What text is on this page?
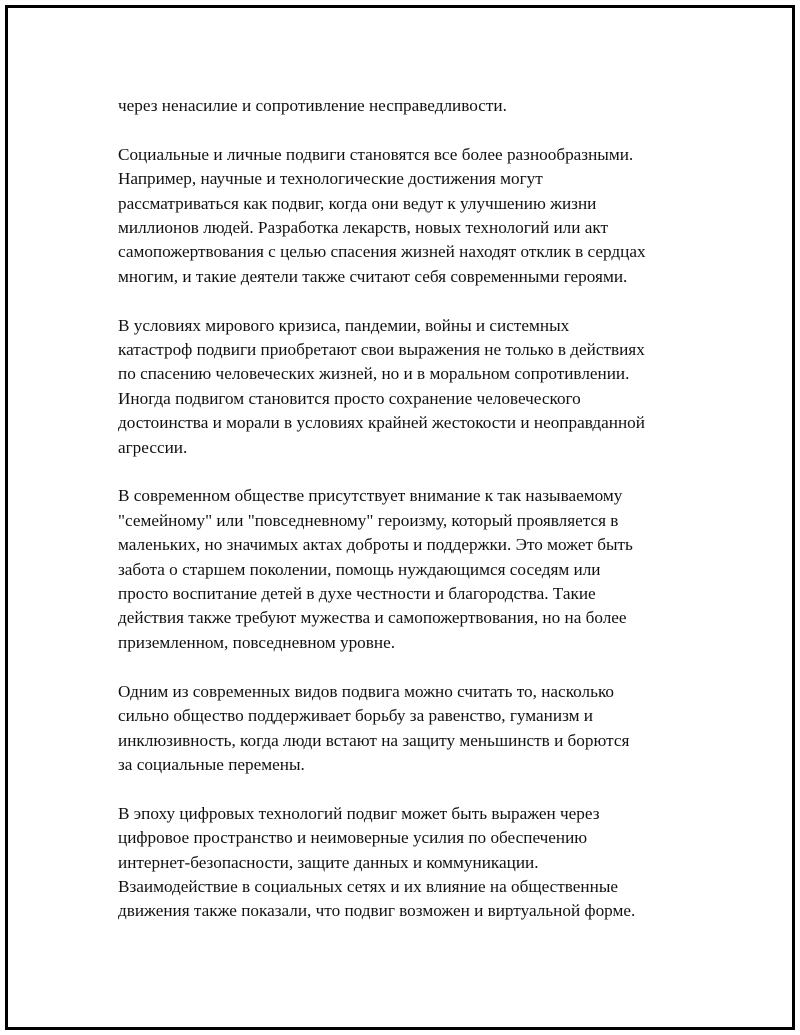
через ненасилие и сопротивление несправедливости.

Социальные и личные подвиги становятся все более разнообразными.
Например, научные и технологические достижения могут
рассматриваться как подвиг, когда они ведут к улучшению жизни
миллионов людей. Разработка лекарств, новых технологий или акт
самопожертвования с целью спасения жизней находят отклик в сердцах
многим, и такие деятели также считают себя современными героями.

В условиях мирового кризиса, пандемии, войны и системных
катастроф подвиги приобретают свои выражения не только в действиях
по спасению человеческих жизней, но и в моральном сопротивлении.
Иногда подвигом становится просто сохранение человеческого
достоинства и морали в условиях крайней жестокости и неоправданной
агрессии.

В современном обществе присутствует внимание к так называемому
"семейному" или "повседневному" героизму, который проявляется в
маленьких, но значимых актах доброты и поддержки. Это может быть
забота о старшем поколении, помощь нуждающимся соседям или
просто воспитание детей в духе честности и благородства. Такие
действия также требуют мужества и самопожертвования, но на более
приземленном, повседневном уровне.

Одним из современных видов подвига можно считать то, насколько
сильно общество поддерживает борьбу за равенство, гуманизм и
инклюзивность, когда люди встают на защиту меньшинств и борются
за социальные перемены.

В эпоху цифровых технологий подвиг может быть выражен через
цифровое пространство и неимоверные усилия по обеспечению
интернет-безопасности, защите данных и коммуникации.
Взаимодействие в социальных сетях и их влияние на общественные
движения также показали, что подвиг возможен и виртуальной форме.
